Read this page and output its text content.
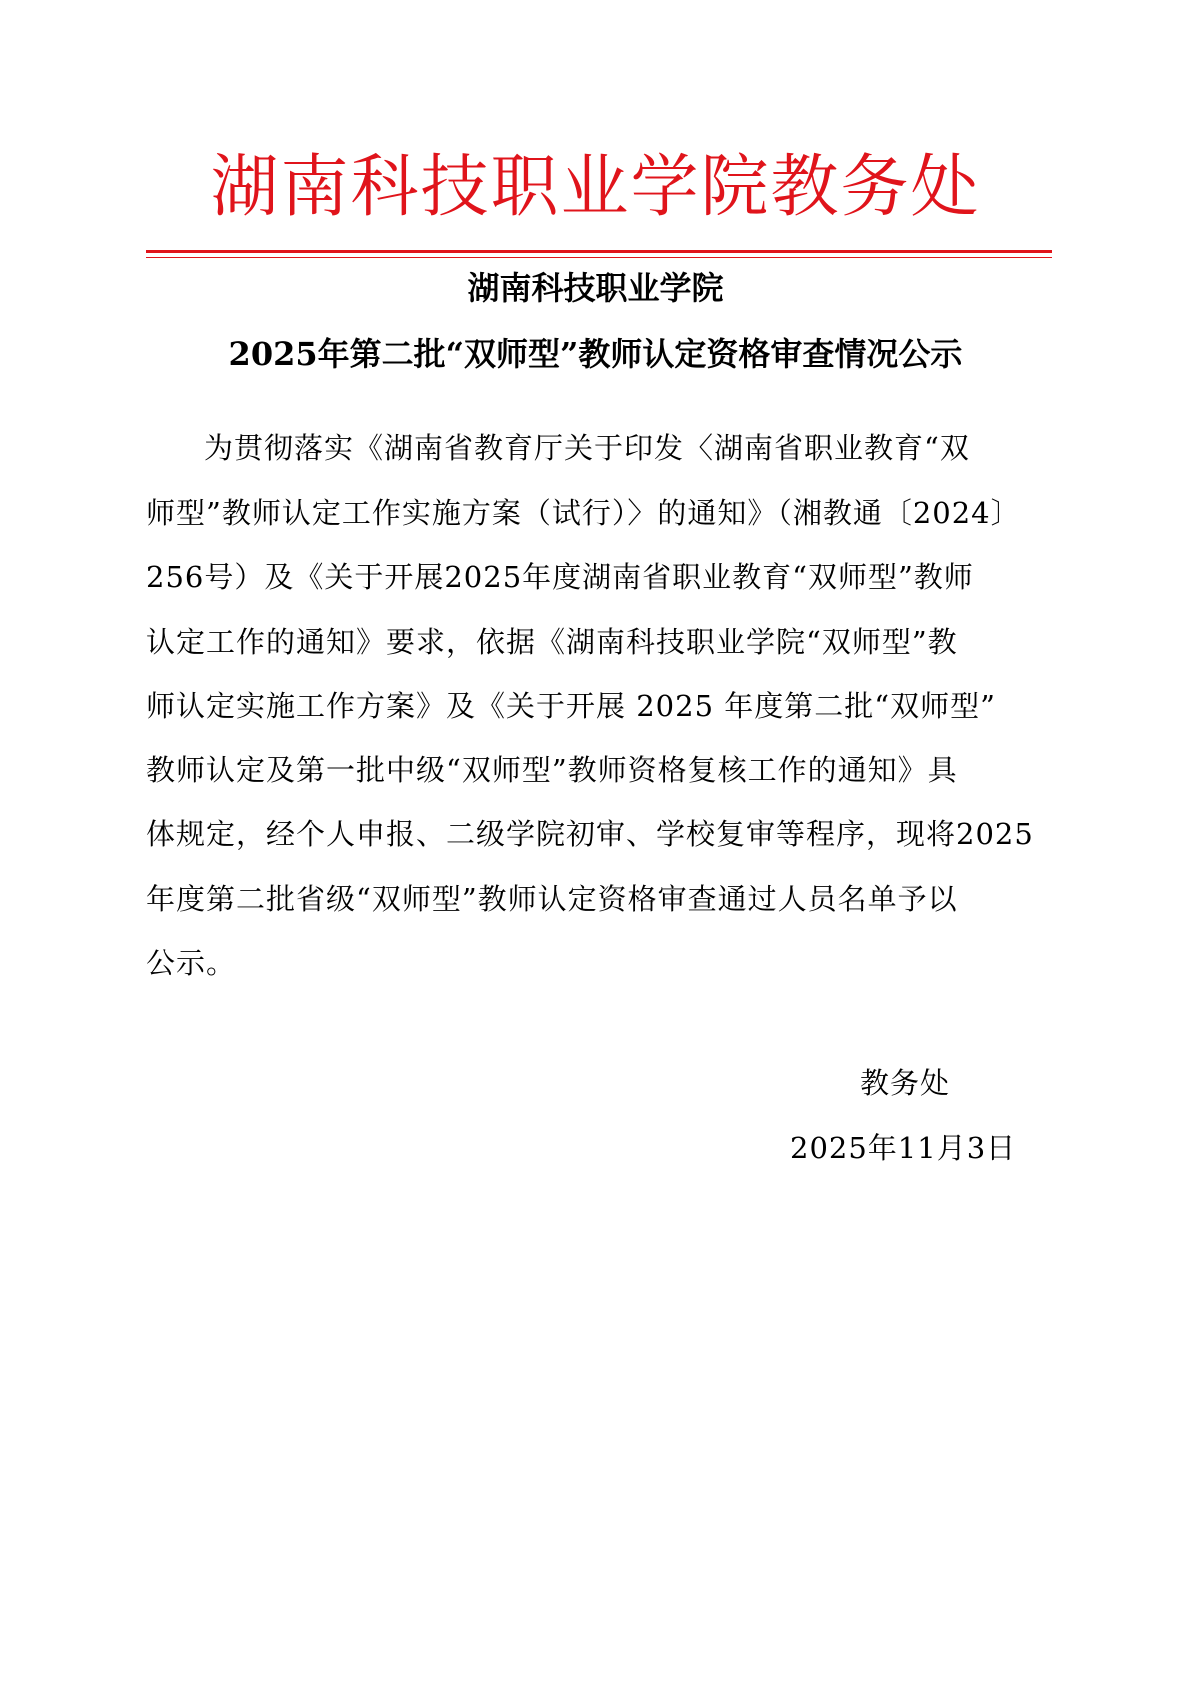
湖南科技职业学院教务处
湖南科技职业学院
2025年第二批“双师型”教师认定资格审查情况公示
为贯彻落实《湖南省教育厅关于印发〈湖南省职业教育“双
师型”教师认定工作实施方案（试行）〉的通知》（湘教通〔2024〕
256号）及《关于开展2025年度湖南省职业教育“双师型”教师
认定工作的通知》要求，依据《湖南科技职业学院“双师型”教
师认定实施工作方案》及《关于开展 2025 年度第二批“双师型”
教师认定及第一批中级“双师型”教师资格复核工作的通知》具
体规定，经个人申报、二级学院初审、学校复审等程序，现将2025
年度第二批省级“双师型”教师认定资格审查通过人员名单予以
公示。
教务处
2025年11月3日
